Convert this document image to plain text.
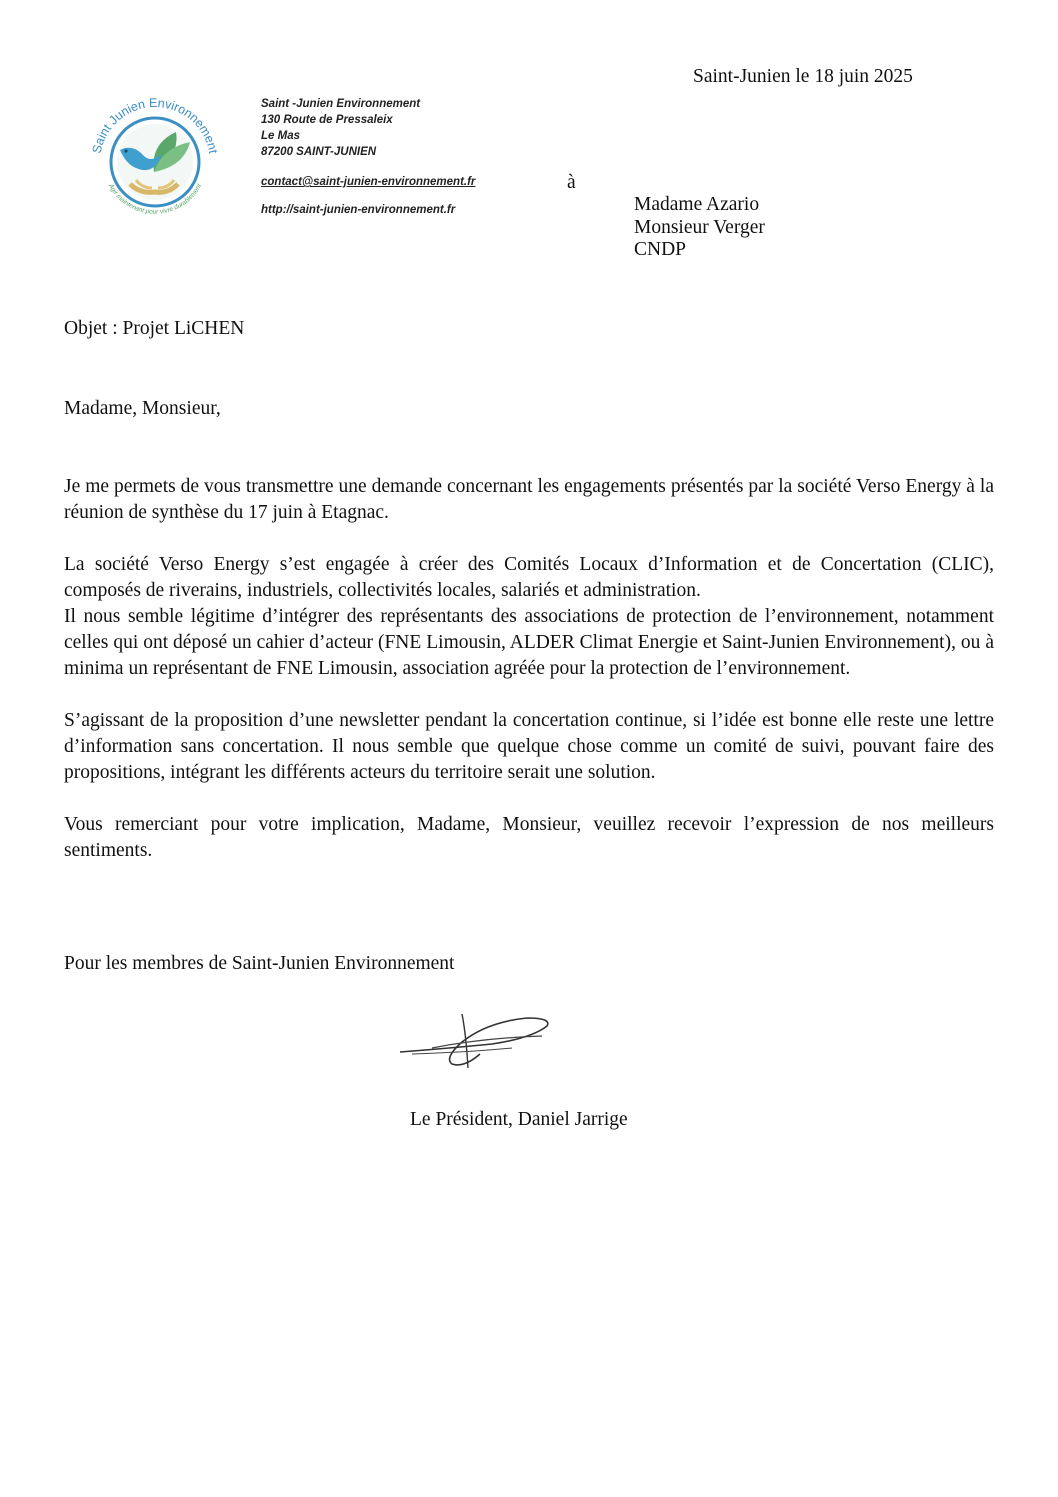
Saint-Junien le 18 juin 2025
Saint Junien Environnement
Agir maintenant pour vivre durablement
Saint -Junien Environnement
130 Route de Pressaleix
Le Mas
87200 SAINT-JUNIEN
contact@saint-junien-environnement.fr
http://saint-junien-environnement.fr
à
Madame Azario
Monsieur Verger
CNDP
Objet : Projet LiCHEN
Madame, Monsieur,

Je me permets de vous transmettre une demande concernant les engagements présentés par la société Verso Energy à la réunion de synthèse du 17 juin à Etagnac.

La société Verso Energy s’est engagée à créer des Comités Locaux d’Information et de Concertation (CLIC), composés de riverains, industriels, collectivités locales, salariés et administration.
Il nous semble légitime d’intégrer des représentants des associations de protection de l’environnement, notamment celles qui ont déposé un cahier d’acteur (FNE Limousin, ALDER Climat Energie et Saint-Junien Environnement), ou à minima un représentant de FNE Limousin, association agréée pour la protection de l’environnement.

S’agissant de la proposition d’une newsletter pendant la concertation continue, si l’idée est bonne elle reste une lettre d’information sans concertation. Il nous semble que quelque chose comme un comité de suivi, pouvant faire des propositions, intégrant les différents acteurs du territoire serait une solution.

Vous remerciant pour votre implication, Madame, Monsieur, veuillez recevoir l’expression de nos meilleurs sentiments.

Pour les membres de Saint-Junien Environnement
Le Président, Daniel Jarrige
